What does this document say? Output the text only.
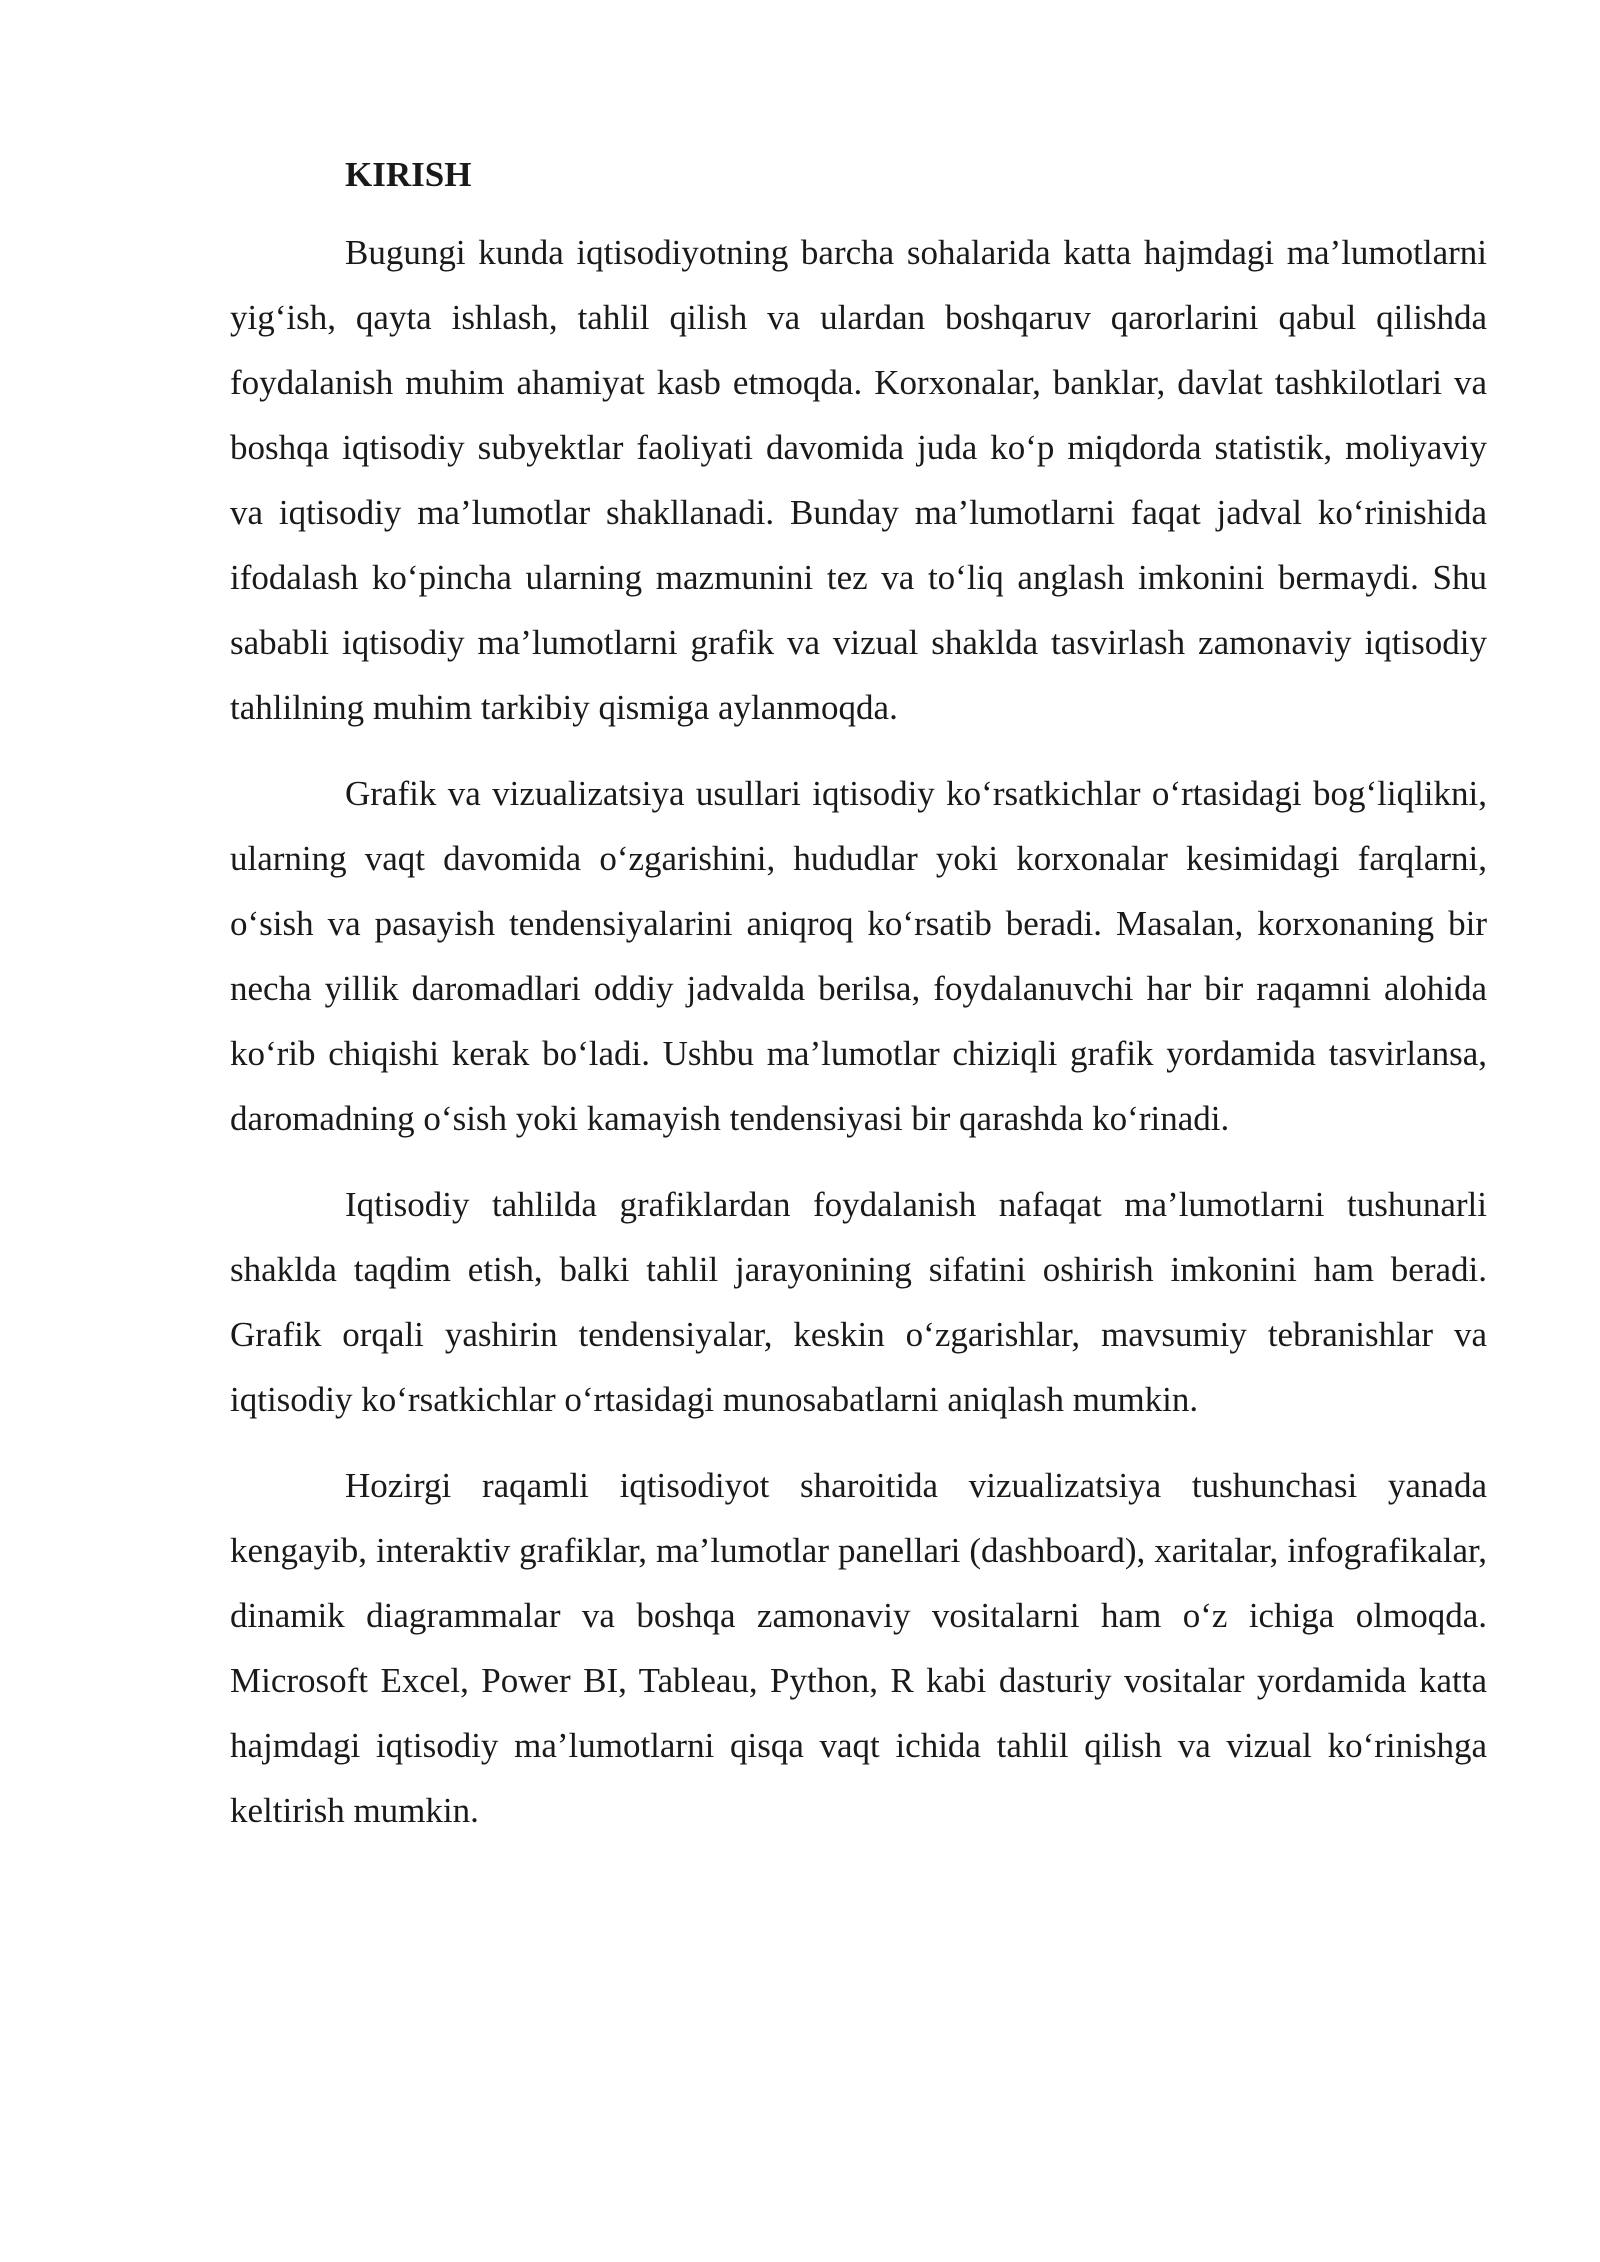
KIRISH

Bugungi kunda iqtisodiyotning barcha sohalarida katta hajmdagi ma’lumotlarni yig‘ish, qayta ishlash, tahlil qilish va ulardan boshqaruv qarorlarini qabul qilishda foydalanish muhim ahamiyat kasb etmoqda. Korxonalar, banklar, davlat tashkilotlari va boshqa iqtisodiy subyektlar faoliyati davomida juda ko‘p miqdorda statistik, moliyaviy va iqtisodiy ma’lumotlar shakllanadi. Bunday ma’lumotlarni faqat jadval ko‘rinishida ifodalash ko‘pincha ularning mazmunini tez va to‘liq anglash imkonini bermaydi. Shu sababli iqtisodiy ma’lumotlarni grafik va vizual shaklda tasvirlash zamonaviy iqtisodiy tahlilning muhim tarkibiy qismiga aylanmoqda.

Grafik va vizualizatsiya usullari iqtisodiy ko‘rsatkichlar o‘rtasidagi bog‘liqlikni, ularning vaqt davomida o‘zgarishini, hududlar yoki korxonalar kesimidagi farqlarni, o‘sish va pasayish tendensiyalarini aniqroq ko‘rsatib beradi. Masalan, korxonaning bir necha yillik daromadlari oddiy jadvalda berilsa, foydalanuvchi har bir raqamni alohida ko‘rib chiqishi kerak bo‘ladi. Ushbu ma’lumotlar chiziqli grafik yordamida tasvirlansa, daromadning o‘sish yoki kamayish tendensiyasi bir qarashda ko‘rinadi.

Iqtisodiy tahlilda grafiklardan foydalanish nafaqat ma’lumotlarni tushunarli shaklda taqdim etish, balki tahlil jarayonining sifatini oshirish imkonini ham beradi. Grafik orqali yashirin tendensiyalar, keskin o‘zgarishlar, mavsumiy tebranishlar va iqtisodiy ko‘rsatkichlar o‘rtasidagi munosabatlarni aniqlash mumkin.

Hozirgi raqamli iqtisodiyot sharoitida vizualizatsiya tushunchasi yanada kengayib, interaktiv grafiklar, ma’lumotlar panellari (dashboard), xaritalar, infografikalar, dinamik diagrammalar va boshqa zamonaviy vositalarni ham o‘z ichiga olmoqda. Microsoft Excel, Power BI, Tableau, Python, R kabi dasturiy vositalar yordamida katta hajmdagi iqtisodiy ma’lumotlarni qisqa vaqt ichida tahlil qilish va vizual ko‘rinishga keltirish mumkin.
